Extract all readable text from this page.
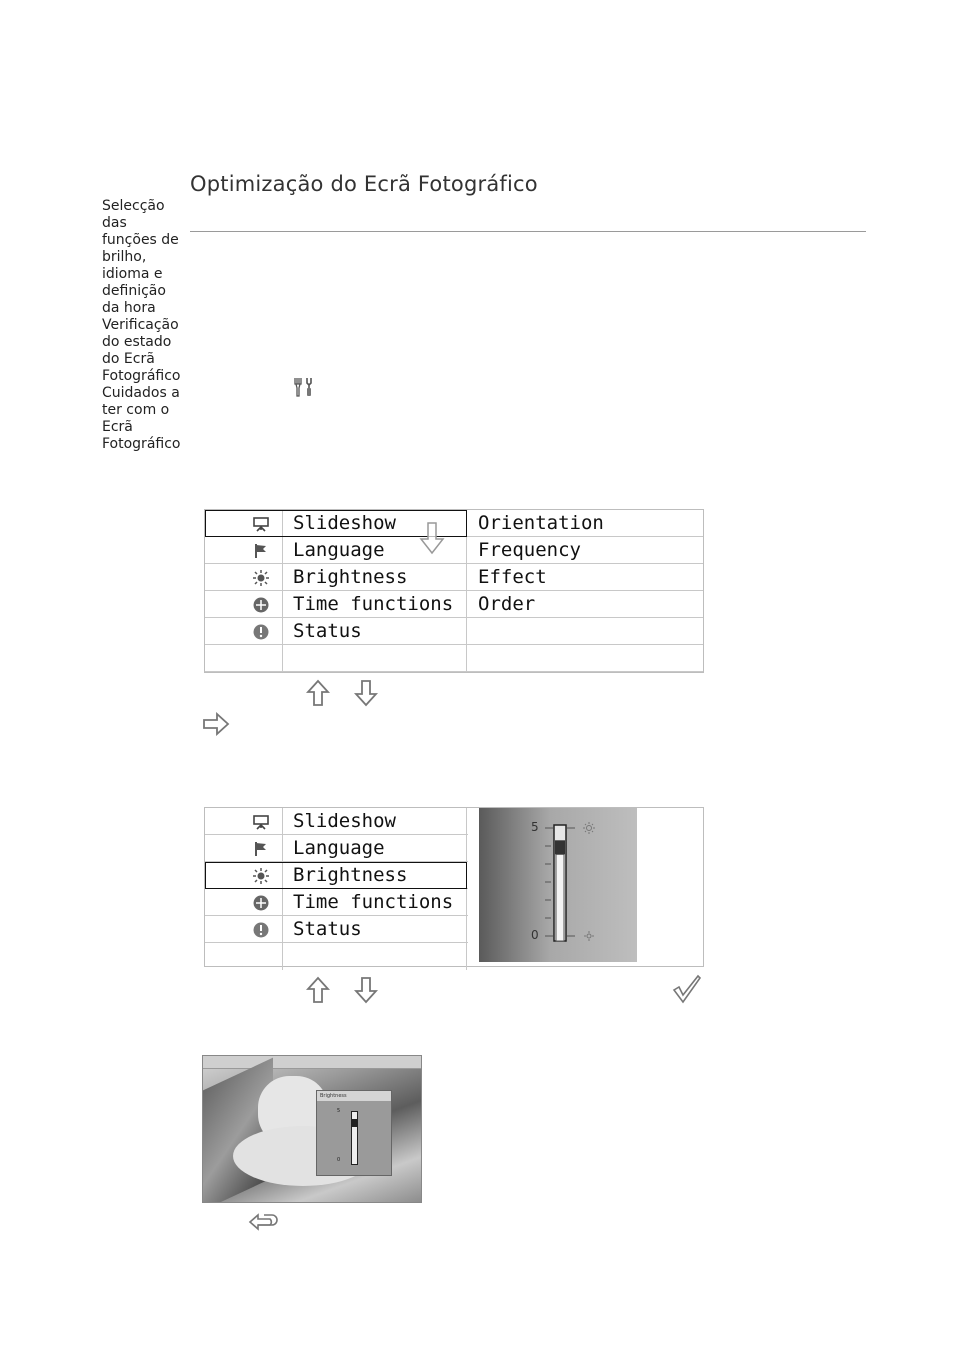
Selecção das funções de brilho, idioma e definição da hora
Verificação do estado do Ecrã Fotográfico
Cuidados a ter com o Ecrã Fotográfico
Optimização do Ecrã Fotográfico
Slideshow	Orientation
Language	Frequency
Brightness	Effect
Time functions	Order
Status
Slideshow
Language
Brightness
Time functions
Status
5
0
Brightness
5
0
